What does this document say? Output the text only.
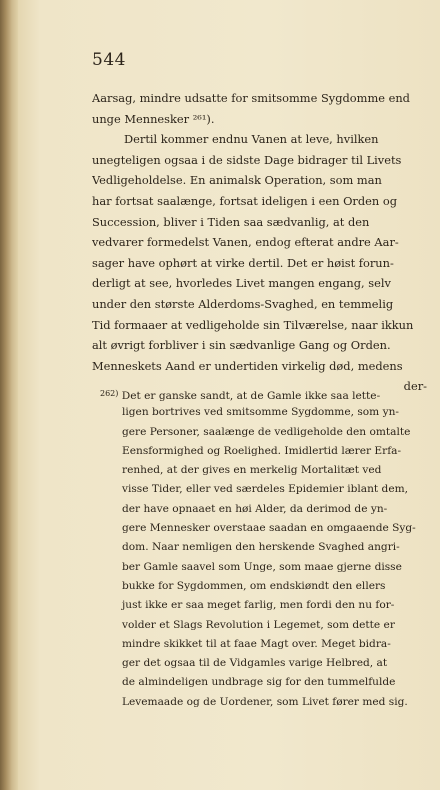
544
Aarsag, mindre udsatte for smitsomme Sygdomme end
unge Mennesker ²⁶¹).
Dertil kommer endnu Vanen at leve, hvilken
unegteligen ogsaa i de sidste Dage bidrager til Livets
Vedligeholdelse. En animalsk Operation, som man
har fortsat saalænge, fortsat ideligen i een Orden og
Succession, bliver i Tiden saa sædvanlig, at den
vedvarer formedelst Vanen, endog efterat andre Aar-
sager have ophørt at virke dertil. Det er høist forun-
derligt at see, hvorledes Livet mangen engang, selv
under den største Alderdoms-Svaghed, en temmelig
Tid formaaer at vedligeholde sin Tilværelse, naar ikkun
alt øvrigt forbliver i sin sædvanlige Gang og Orden.
Menneskets Aand er undertiden virkelig død, medens
der-
$^{262)}$ Det er ganske sandt, at de Gamle ikke saa lette-
ligen bortrives ved smitsomme Sygdomme, som yn-
gere Personer, saalænge de vedligeholde den omtalte
Eensformighed og Roelighed. Imidlertid lærer Erfa-
renhed, at der gives en merkelig Mortalitæt ved
visse Tider, eller ved særdeles Epidemier iblant dem,
der have opnaaet en høi Alder, da derimod de yn-
gere Mennesker overstaae saadan en omgaaende Syg-
dom. Naar nemligen den herskende Svaghed angri-
ber Gamle saavel som Unge, som maae gjerne disse
bukke for Sygdommen, om endskiøndt den ellers
just ikke er saa meget farlig, men fordi den nu for-
volder et Slags Revolution i Legemet, som dette er
mindre skikket til at faae Magt over. Meget bidra-
ger det ogsaa til de Vidgamles varige Helbred, at
de almindeligen undbrage sig for den tummelfulde
Levemaade og de Uordener, som Livet fører med sig.
